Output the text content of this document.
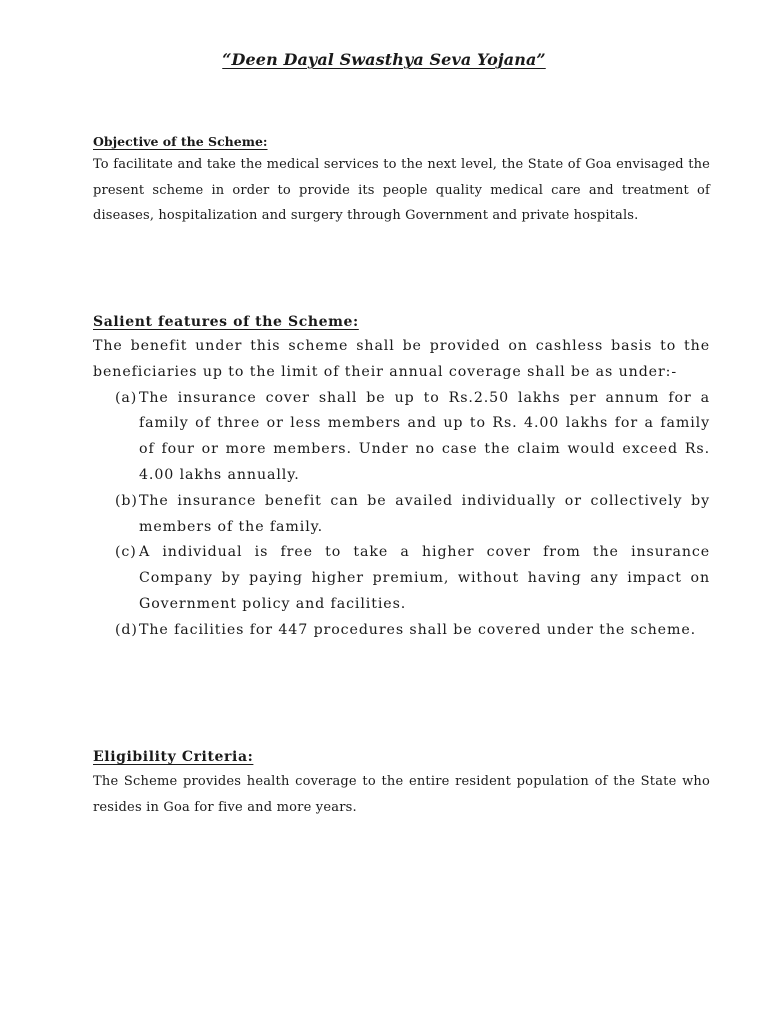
“Deen Dayal Swasthya Seva Yojana”

Objective of the Scheme:

To facilitate and take the medical services to the next level, the State of Goa envisaged the present scheme in order to provide its people quality medical care and treatment of diseases, hospitalization and surgery through Government and private hospitals.

Salient features of the Scheme:

The benefit under this scheme shall be provided on cashless basis to the beneficiaries up to the limit of their annual coverage shall be as under:-

(a) The insurance cover shall be up to Rs.2.50 lakhs per annum for a family of three or less members and up to Rs. 4.00 lakhs for a family of four or more members. Under no case the claim would exceed Rs. 4.00 lakhs annually.
(b) The insurance benefit can be availed individually or collectively by members of the family.
(c) A individual is free to take a higher cover from the insurance Company by paying higher premium, without having any impact on Government policy and facilities.
(d) The facilities for 447 procedures shall be covered under the scheme.

Eligibility Criteria:

The Scheme provides health coverage to the entire resident population of the State who resides in Goa for five and more years.
